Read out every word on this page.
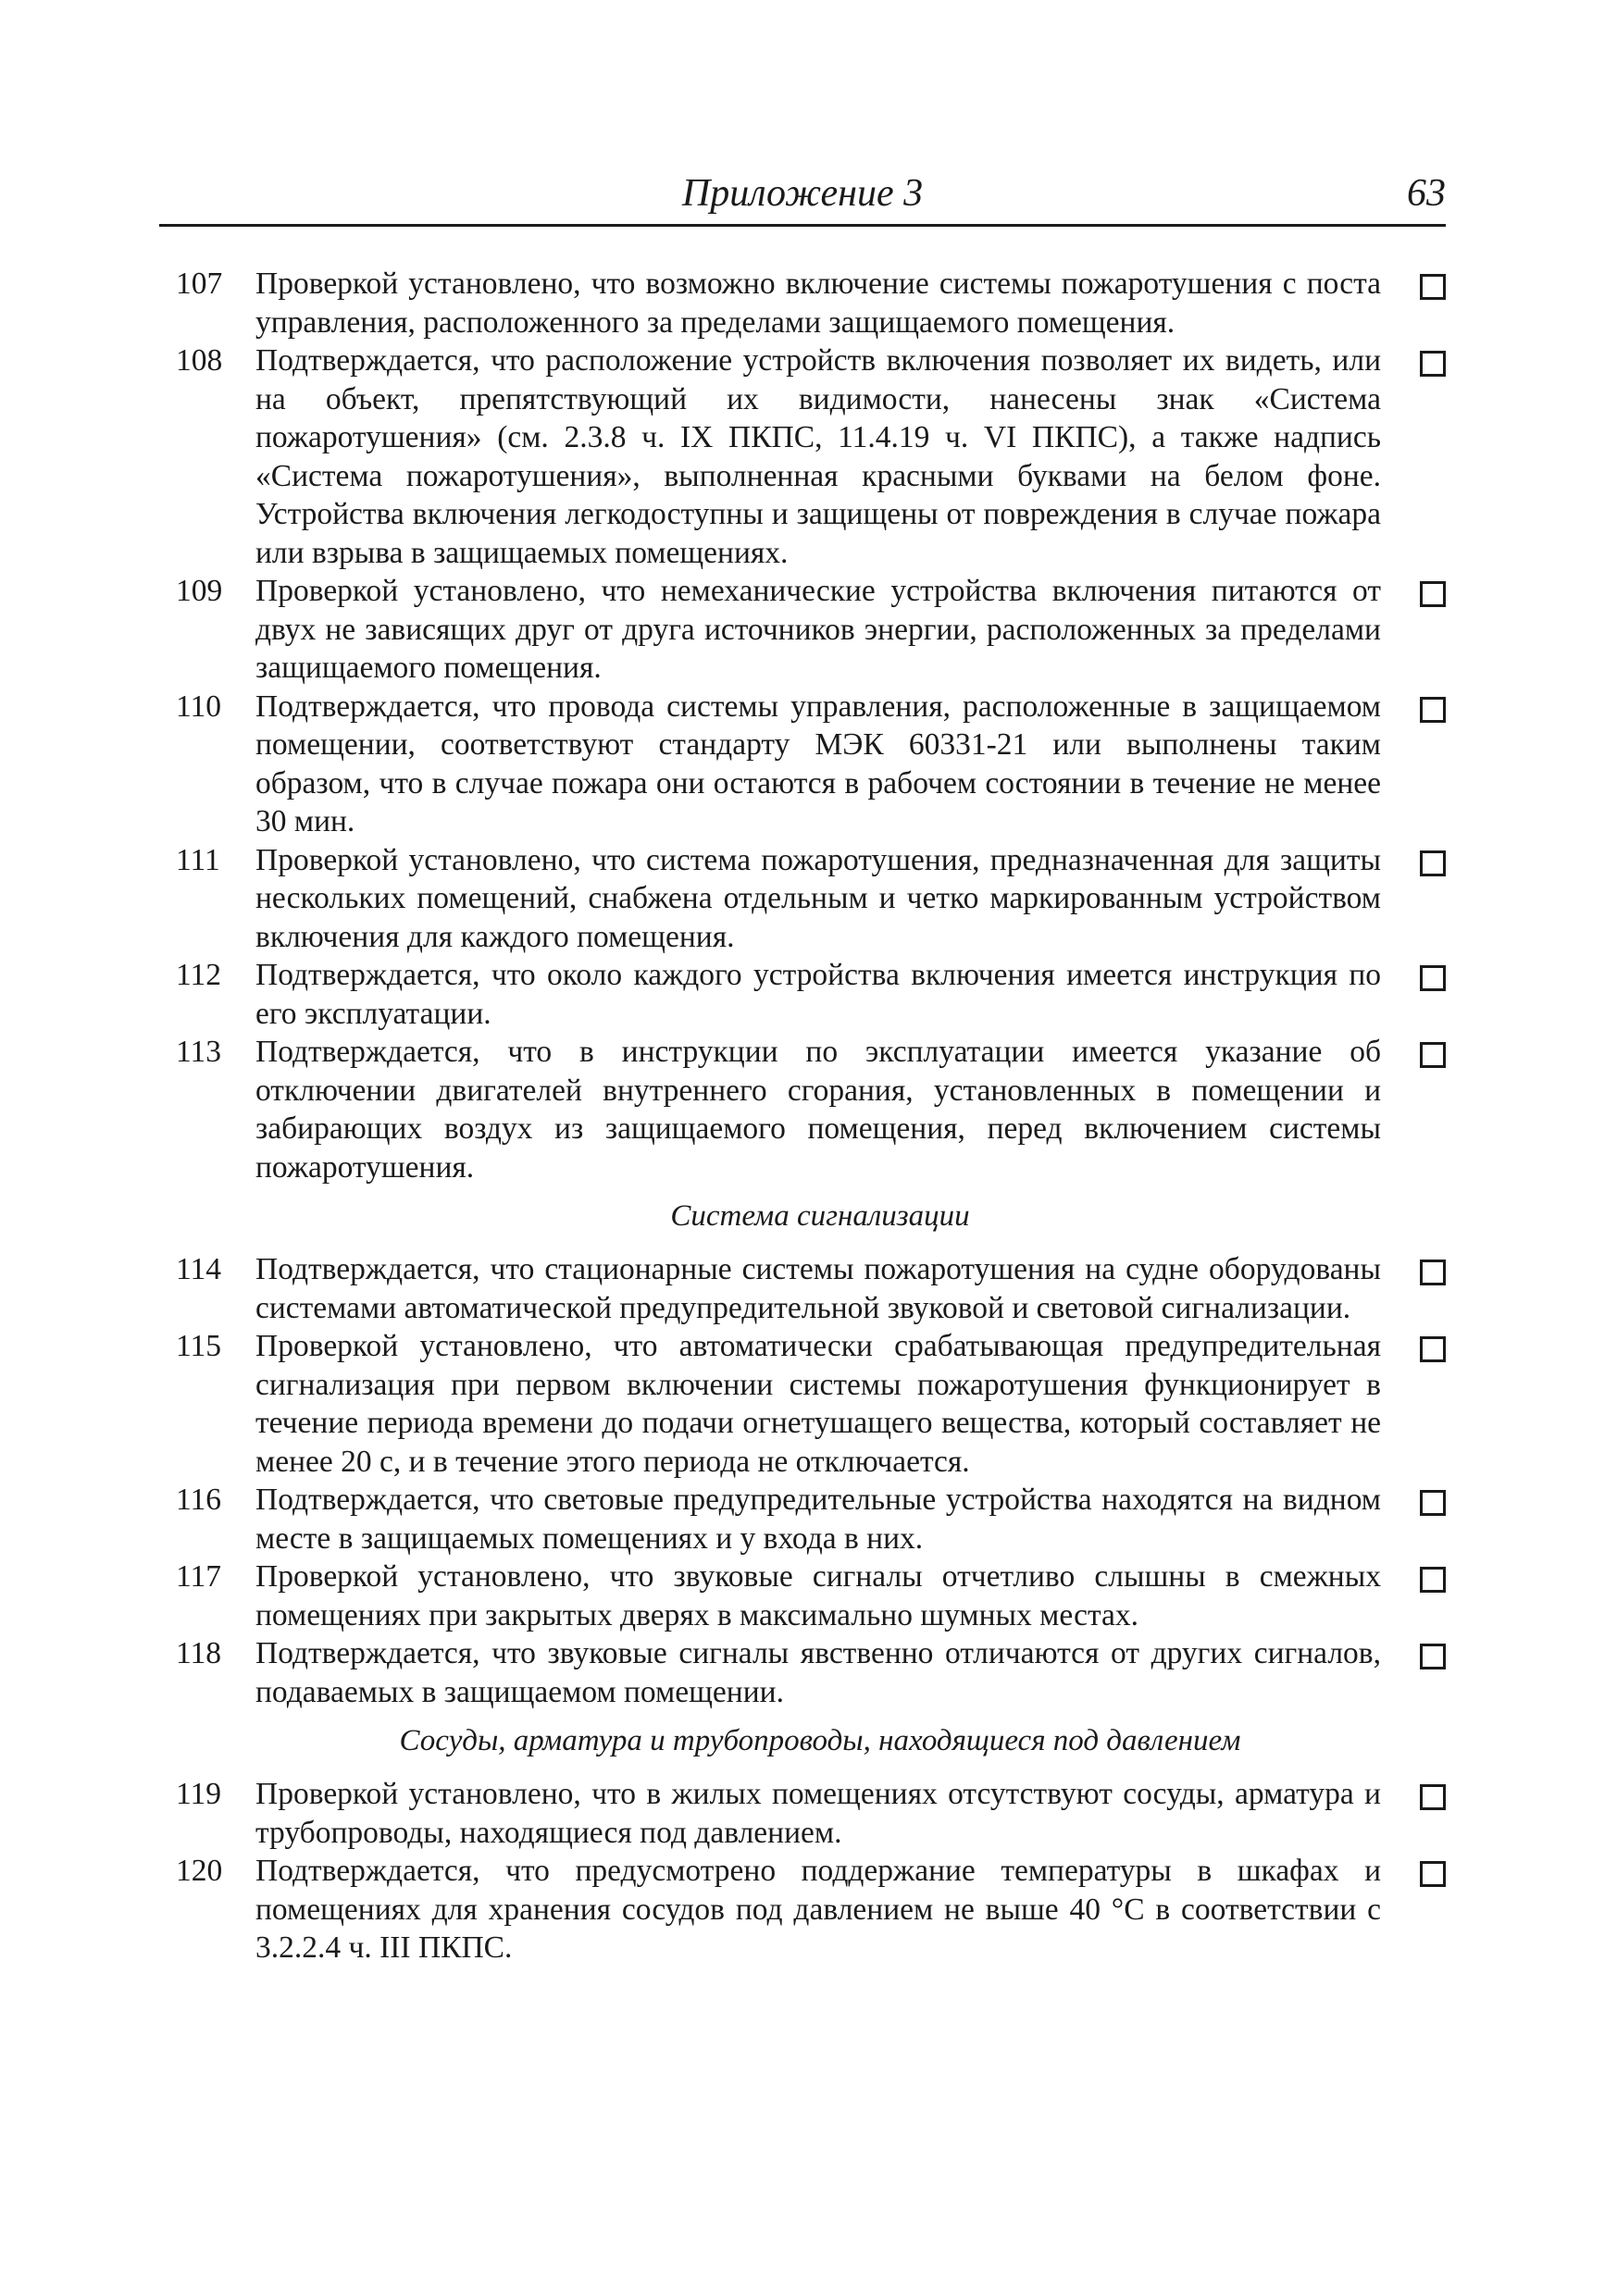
Приложение 3	63
107	Проверкой установлено, что возможно включение системы пожаротушения с поста управления, расположенного за пределами защищаемого помещения.
108	Подтверждается, что расположение устройств включения позволяет их видеть, или на объект, препятствующий их видимости, нанесены знак «Система пожаротушения» (см. 2.3.8 ч. IX ПКПС, 11.4.19 ч. VI ПКПС), а также надпись «Система пожаротушения», выполненная красными буквами на белом фоне. Устройства включения легкодоступны и защищены от повреждения в случае пожара или взрыва в защищаемых помещениях.
109	Проверкой установлено, что немеханические устройства включения питаются от двух не зависящих друг от друга источников энергии, расположенных за пределами защищаемого помещения.
110	Подтверждается, что провода системы управления, расположенные в защищаемом помещении, соответствуют стандарту МЭК 60331-21 или выполнены таким образом, что в случае пожара они остаются в рабочем состоянии в течение не менее 30 мин.
111	Проверкой установлено, что система пожаротушения, предназначенная для защиты нескольких помещений, снабжена отдельным и четко маркированным устройством включения для каждого помещения.
112	Подтверждается, что около каждого устройства включения имеется инструкция по его эксплуатации.
113	Подтверждается, что в инструкции по эксплуатации имеется указание об отключении двигателей внутреннего сгорания, установленных в помещении и забирающих воздух из защищаемого помещения, перед включением системы пожаротушения.
Система сигнализации
114	Подтверждается, что стационарные системы пожаротушения на судне оборудованы системами автоматической предупредительной звуковой и световой сигнализации.
115	Проверкой установлено, что автоматически срабатывающая предупредительная сигнализация при первом включении системы пожаротушения функционирует в течение периода времени до подачи огнетушащего вещества, который составляет не менее 20 с, и в течение этого периода не отключается.
116	Подтверждается, что световые предупредительные устройства находятся на видном месте в защищаемых помещениях и у входа в них.
117	Проверкой установлено, что звуковые сигналы отчетливо слышны в смежных помещениях при закрытых дверях в максимально шумных местах.
118	Подтверждается, что звуковые сигналы явственно отличаются от других сигналов, подаваемых в защищаемом помещении.
Сосуды, арматура и трубопроводы, находящиеся под давлением
119	Проверкой установлено, что в жилых помещениях отсутствуют сосуды, арматура и трубопроводы, находящиеся под давлением.
120	Подтверждается, что предусмотрено поддержание температуры в шкафах и помещениях для хранения сосудов под давлением не выше 40 °С в соответствии с 3.2.2.4 ч. III ПКПС.
